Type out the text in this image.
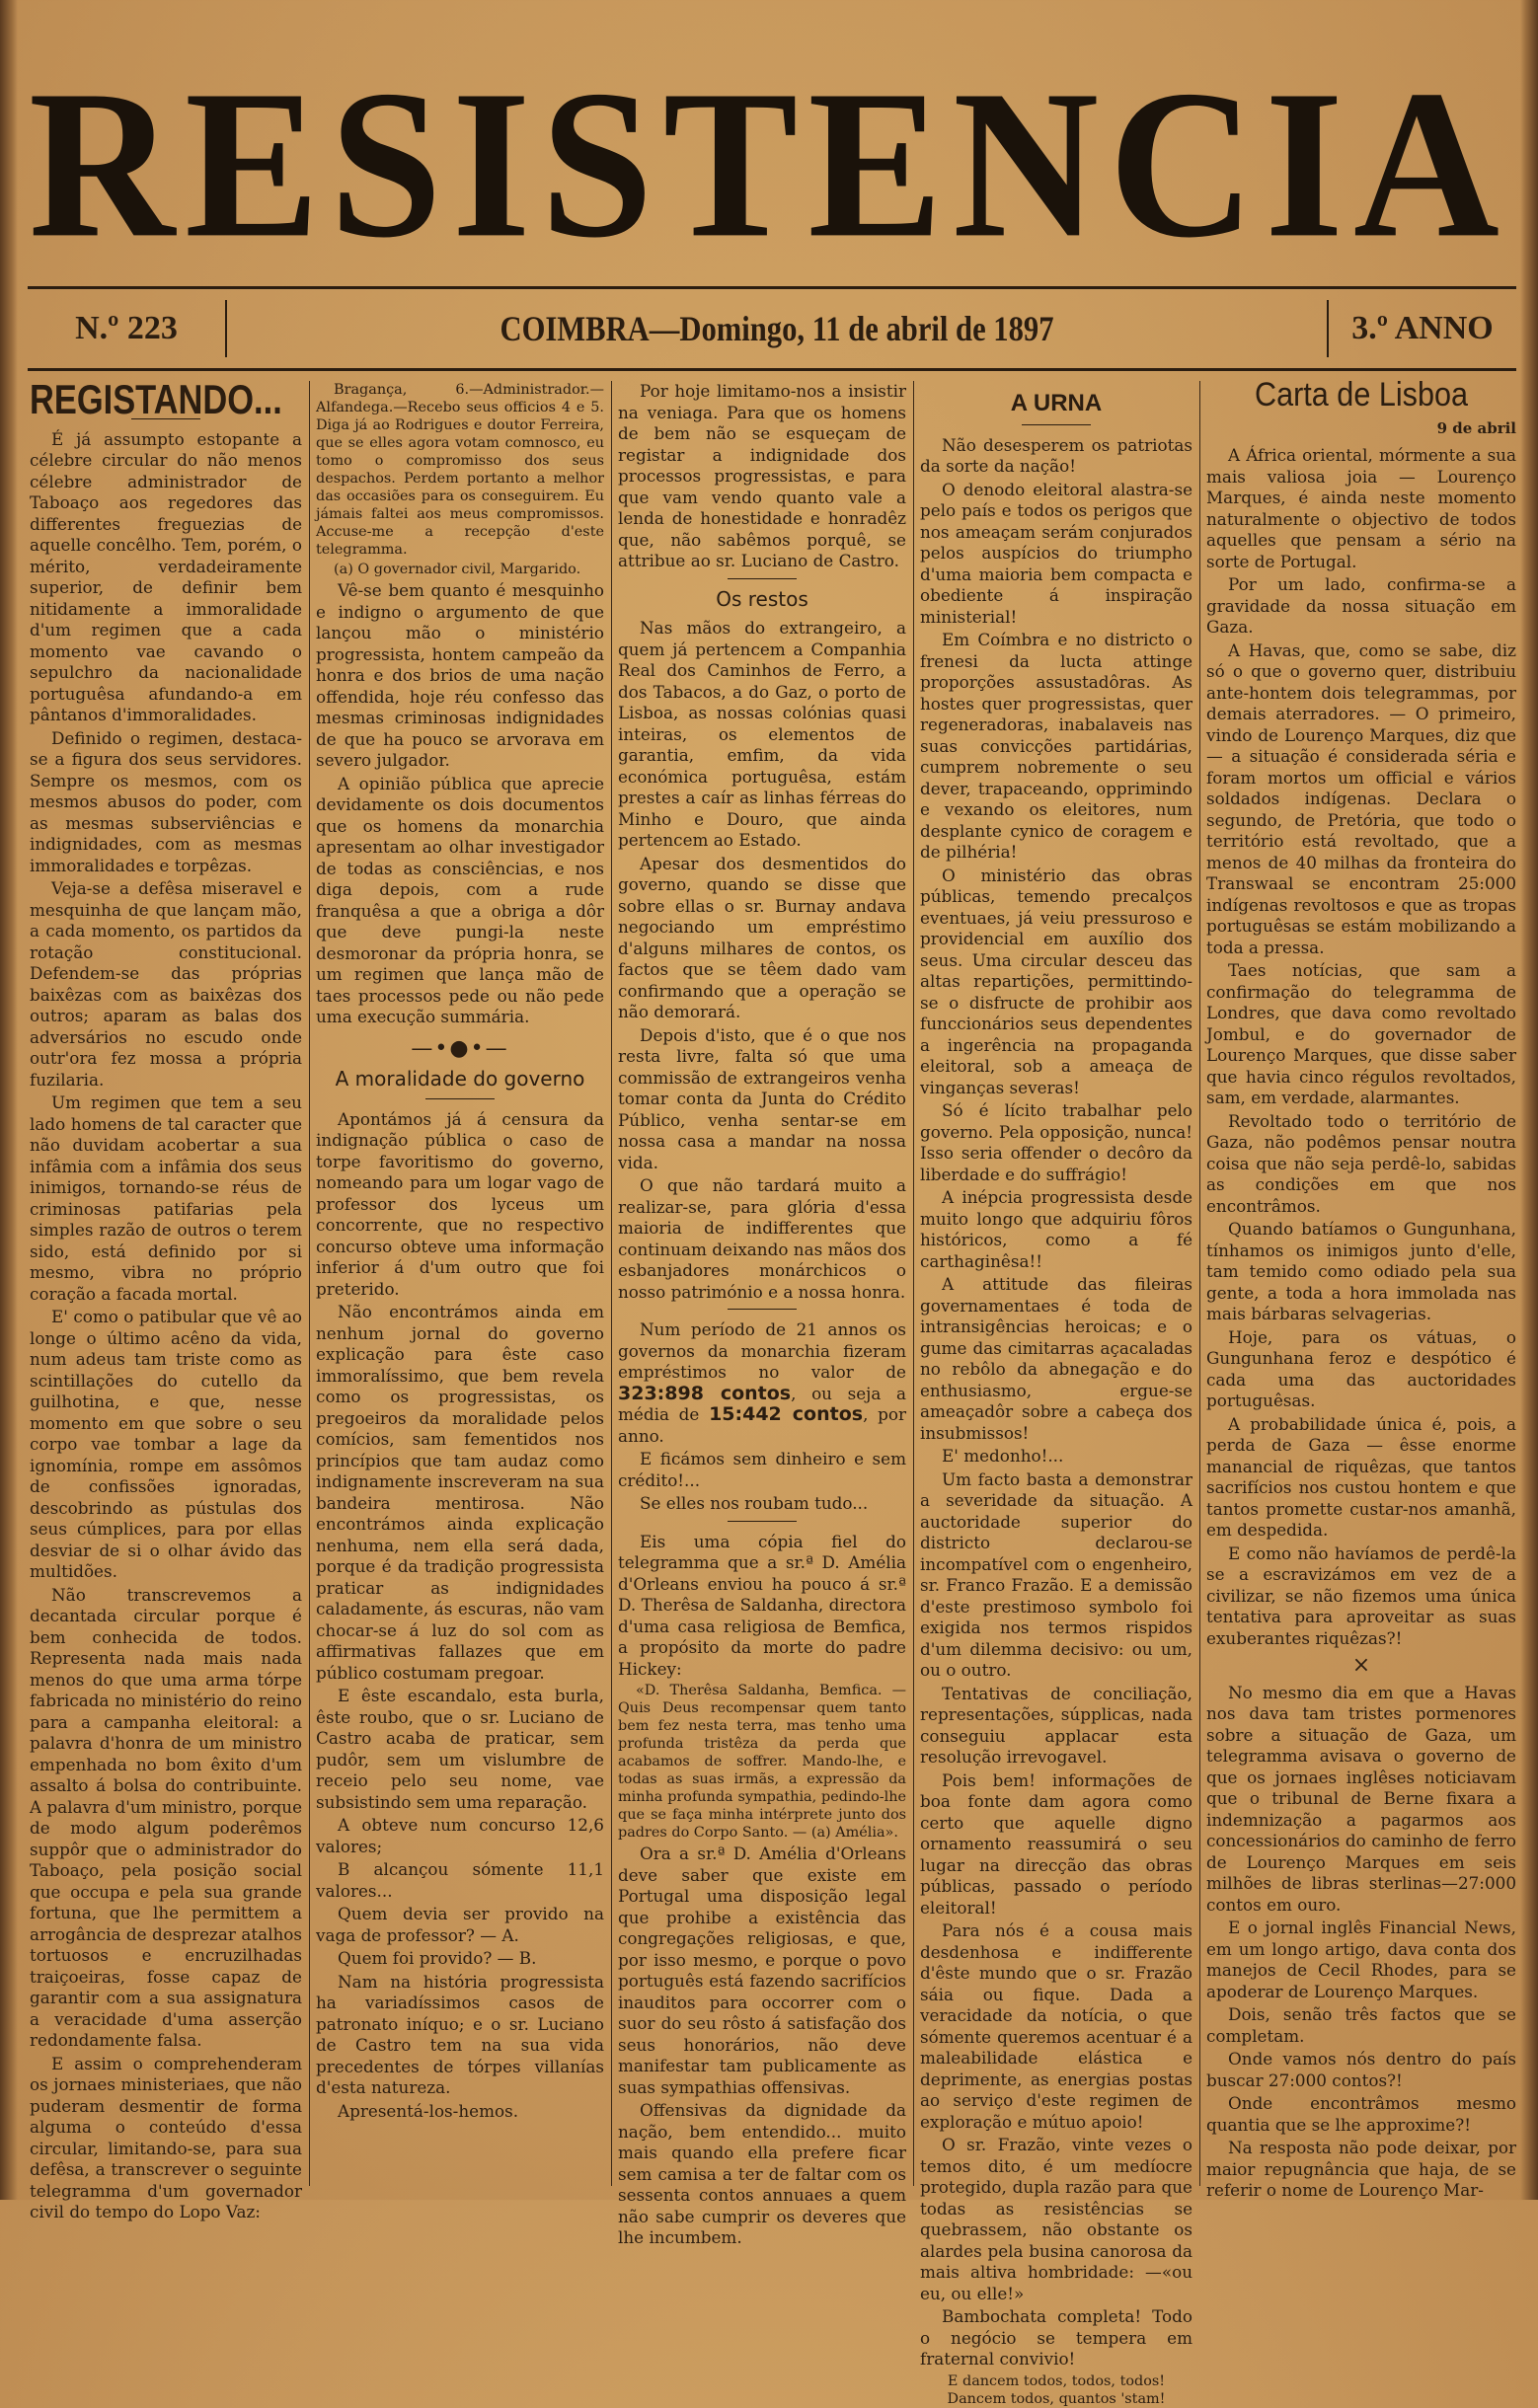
RESISTENCIA
N.º 223	COIMBRA—Domingo, 11 de abril de 1897	3.º ANNO
REGISTANDO...

É já assumpto estopante a célebre circular do não menos célebre administrador de Taboaço aos regedores das differentes freguezias de aquelle concêlho. Tem, porém, o mérito, verdadeiramente superior, de definir bem nitidamente a immoralidade d'um regimen que a cada momento vae cavando o sepulchro da nacionalidade portuguêsa afundando-a em pântanos d'immoralidades.

Definido o regimen, destaca-se a figura dos seus servidores. Sempre os mesmos, com os mesmos abusos do poder, com as mesmas subserviências e indignidades, com as mesmas immoralidades e torpêzas.

Veja-se a defêsa miseravel e mesquinha de que lançam mão, a cada momento, os partidos da rotação constitucional. Defendem-se das próprias baixêzas com as baixêzas dos outros; aparam as balas dos adversários no escudo onde outr'ora fez mossa a própria fuzilaria.

Um regimen que tem a seu lado homens de tal caracter que não duvidam acobertar a sua infâmia com a infâmia dos seus inimigos, tornando-se réus de criminosas patifarias pela simples razão de outros o terem sido, está definido por si mesmo, vibra no próprio coração a facada mortal.

E' como o patibular que vê ao longe o último acêno da vida, num adeus tam triste como as scintillações do cutello da guilhotina, e que, nesse momento em que sobre o seu corpo vae tombar a lage da ignomínia, rompe em assômos de confissões ignoradas, descobrindo as pústulas dos seus cúmplices, para por ellas desviar de si o olhar ávido das multidões.

Não transcrevemos a decantada circular porque é bem conhecida de todos. Representa nada mais nada menos do que uma arma tórpe fabricada no ministério do reino para a campanha eleitoral: a palavra d'honra de um ministro empenhada no bom êxito d'um assalto á bolsa do contribuinte. A palavra d'um ministro, porque de modo algum poderêmos suppôr que o administrador do Taboaço, pela posição social que occupa e pela sua grande fortuna, que lhe permittem a arrogância de desprezar atalhos tortuosos e encruzilhadas traiçoeiras, fosse capaz de garantir com a sua assignatura a veracidade d'uma asserção redondamente falsa.

E assim o comprehenderam os jornaes ministeriaes, que não puderam desmentir de forma alguma o conteúdo d'essa circular, limitando-se, para sua defêsa, a transcrever o seguinte telegramma d'um governador civil do tempo do Lopo Vaz:

Bragança, 6.—Administrador.—Alfandega.—Recebo seus officios 4 e 5. Diga já ao Rodrigues e doutor Ferreira, que se elles agora votam comnosco, eu tomo o compromisso dos seus despachos. Perdem portanto a melhor das occasiões para os conseguirem. Eu jámais faltei aos meus compromissos. Accuse-me a recepção d'este telegramma.

(a) O governador civil, Margarido.

Vê-se bem quanto é mesquinho e indigno o argumento de que lançou mão o ministério progressista, hontem campeão da honra e dos brios de uma nação offendida, hoje réu confesso das mesmas criminosas indignidades de que ha pouco se arvorava em severo julgador.

A opinião pública que aprecie devidamente os dois documentos que os homens da monarchia apresentam ao olhar investigador de todas as consciências, e nos diga depois, com a rude franquêsa a que a obriga a dôr que deve pungi-la neste desmoronar da própria honra, se um regimen que lança mão de taes processos pede ou não pede uma execução summária.

—•●•—
A moralidade do governo

Apontámos já á censura da indignação pública o caso de torpe favoritismo do governo, nomeando para um logar vago de professor dos lyceus um concorrente, que no respectivo concurso obteve uma informação inferior á d'um outro que foi preterido.

Não encontrámos ainda em nenhum jornal do governo explicação para êste caso immoralíssimo, que bem revela como os progressistas, os pregoeiros da moralidade pelos comícios, sam fementidos nos princípios que tam audaz como indignamente inscreveram na sua bandeira mentirosa. Não encontrámos ainda explicação nenhuma, nem ella será dada, porque é da tradição progressista praticar as indignidades caladamente, ás escuras, não vam chocar-se á luz do sol com as affirmativas fallazes que em público costumam pregoar.

E êste escandalo, esta burla, êste roubo, que o sr. Luciano de Castro acaba de praticar, sem pudôr, sem um vislumbre de receio pelo seu nome, vae subsistindo sem uma reparação.

A obteve num concurso 12,6 valores;

B alcançou sómente 11,1 valores...

Quem devia ser provido na vaga de professor? — A.

Quem foi provido? — B.

Nam na história progressista ha variadíssimos casos de patronato iníquo; e o sr. Luciano de Castro tem na sua vida precedentes de tórpes villanías d'esta natureza.

Apresentá-los-hemos.

Por hoje limitamo-nos a insistir na veniaga. Para que os homens de bem não se esqueçam de registar a indignidade dos processos progressistas, e para que vam vendo quanto vale a lenda de honestidade e honradêz que, não sabêmos porquê, se attribue ao sr. Luciano de Castro.

Os restos

Nas mãos do extrangeiro, a quem já pertencem a Companhia Real dos Caminhos de Ferro, a dos Tabacos, a do Gaz, o porto de Lisboa, as nossas colónias quasi inteiras, os elementos de garantia, emfim, da vida económica portuguêsa, estám prestes a caír as linhas férreas do Minho e Douro, que ainda pertencem ao Estado.

Apesar dos desmentidos do governo, quando se disse que sobre ellas o sr. Burnay andava negociando um empréstimo d'alguns milhares de contos, os factos que se têem dado vam confirmando que a operação se não demorará.

Depois d'isto, que é o que nos resta livre, falta só que uma commissão de extrangeiros venha tomar conta da Junta do Crédito Público, venha sentar-se em nossa casa a mandar na nossa vida.

O que não tardará muito a realizar-se, para glória d'essa maioria de indifferentes que continuam deixando nas mãos dos esbanjadores monárchicos o nosso património e a nossa honra.

Num período de 21 annos os governos da monarchia fizeram empréstimos no valor de 323:898 contos, ou seja a média de 15:442 contos, por anno.

E ficámos sem dinheiro e sem crédito!...

Se elles nos roubam tudo...

Eis uma cópia fiel do telegramma que a sr.ª D. Amélia d'Orleans enviou ha pouco á sr.ª D. Therêsa de Saldanha, directora d'uma casa religiosa de Bemfica, a propósito da morte do padre Hickey:

«D. Therêsa Saldanha, Bemfica. — Quis Deus recompensar quem tanto bem fez nesta terra, mas tenho uma profunda tristêza da perda que acabamos de soffrer. Mando-lhe, e todas as suas irmãs, a expressão da minha profunda sympathia, pedindo-lhe que se faça minha intérprete junto dos padres do Corpo Santo. — (a) Amélia».

Ora a sr.ª D. Amélia d'Orleans deve saber que existe em Portugal uma disposição legal que prohibe a existência das congregações religiosas, e que, por isso mesmo, e porque o povo português está fazendo sacrifícios inauditos para occorrer com o suor do seu rôsto á satisfação dos seus honorários, não deve manifestar tam publicamente as suas sympathias offensivas.

Offensivas da dignidade da nação, bem entendido... muito mais quando ella prefere ficar sem camisa a ter de faltar com os sessenta contos annuaes a quem não sabe cumprir os deveres que lhe incumbem.

A URNA

Não desesperem os patriotas da sorte da nação!

O denodo eleitoral alastra-se pelo país e todos os perigos que nos ameaçam serám conjurados pelos auspícios do triumpho d'uma maioria bem compacta e obediente á inspiração ministerial!

Em Coímbra e no districto o frenesi da lucta attinge proporções assustadôras. As hostes quer progressistas, quer regeneradoras, inabalaveis nas suas convicções partidárias, cumprem nobremente o seu dever, trapaceando, opprimindo e vexando os eleitores, num desplante cynico de coragem e de pilhéria!

O ministério das obras públicas, temendo precalços eventuaes, já veiu pressuroso e providencial em auxílio dos seus. Uma circular desceu das altas repartições, permittindo-se o disfructe de prohibir aos funccionários seus dependentes a ingerência na propaganda eleitoral, sob a ameaça de vinganças severas!

Só é lícito trabalhar pelo governo. Pela opposição, nunca! Isso seria offender o decôro da liberdade e do suffrágio!

A inépcia progressista desde muito longo que adquiriu fôros históricos, como a fé carthaginêsa!!

A attitude das fileiras governamentaes é toda de intransigências heroicas; e o gume das cimitarras açacaladas no rebôlo da abnegação e do enthusiasmo, ergue-se ameaçadôr sobre a cabeça dos insubmissos!

E' medonho!...

Um facto basta a demonstrar a severidade da situação. A auctoridade superior do districto declarou-se incompatível com o engenheiro, sr. Franco Frazão. E a demissão d'este prestimoso symbolo foi exigida nos termos rispidos d'um dilemma decisivo: ou um, ou o outro.

Tentativas de conciliação, representações, súpplicas, nada conseguiu applacar esta resolução irrevogavel.

Pois bem! informações de boa fonte dam agora como certo que aquelle digno ornamento reassumirá o seu lugar na direcção das obras públicas, passado o período eleitoral!

Para nós é a cousa mais desdenhosa e indifferente d'êste mundo que o sr. Frazão sáia ou fique. Dada a veracidade da notícia, o que sómente queremos acentuar é a maleabilidade elástica e deprimente, as energias postas ao serviço d'este regimen de exploração e mútuo apoio!

O sr. Frazão, vinte vezes o temos dito, é um medíocre protegido, dupla razão para que todas as resistências se quebrassem, não obstante os alardes pela busina canorosa da mais altiva hombridade: —«ou eu, ou elle!»

Bambochata completa! Todo o negócio se tempera em fraternal convivio!

E dancem todos, todos, todos! Dancem todos, quantos 'stam!

Carta de Lisboa
9 de abril

A África oriental, mórmente a sua mais valiosa joia — Lourenço Marques, é ainda neste momento naturalmente o objectivo de todos aquelles que pensam a sério na sorte de Portugal.

Por um lado, confirma-se a gravidade da nossa situação em Gaza.

A Havas, que, como se sabe, diz só o que o governo quer, distribuiu ante-hontem dois telegrammas, por demais aterradores. — O primeiro, vindo de Lourenço Marques, diz que — a situação é considerada séria e foram mortos um official e vários soldados indígenas. Declara o segundo, de Pretória, que todo o território está revoltado, que a menos de 40 milhas da fronteira do Transwaal se encontram 25:000 indígenas revoltosos e que as tropas portuguêsas se estám mobilizando a toda a pressa.

Taes notícias, que sam a confirmação do telegramma de Londres, que dava como revoltado Jombul, e do governador de Lourenço Marques, que disse saber que havia cinco régulos revoltados, sam, em verdade, alarmantes.

Revoltado todo o território de Gaza, não podêmos pensar noutra coisa que não seja perdê-lo, sabidas as condições em que nos encontrâmos.

Quando batíamos o Gungunhana, tínhamos os inimigos junto d'elle, tam temido como odiado pela sua gente, a toda a hora immolada nas mais bárbaras selvagerias.

Hoje, para os vátuas, o Gungunhana feroz e despótico é cada uma das auctoridades portuguêsas.

A probabilidade única é, pois, a perda de Gaza — êsse enorme manancial de riquêzas, que tantos sacrifícios nos custou hontem e que tantos promette custar-nos amanhã, em despedida.

E como não havíamos de perdê-la se a escravizámos em vez de a civilizar, se não fizemos uma única tentativa para aproveitar as suas exuberantes riquêzas?!

×

No mesmo dia em que a Havas nos dava tam tristes pormenores sobre a situação de Gaza, um telegramma avisava o governo de que os jornaes inglêses noticiavam que o tribunal de Berne fixara a indemnização a pagarmos aos concessionários do caminho de ferro de Lourenço Marques em seis milhões de libras sterlinas—27:000 contos em ouro.

E o jornal inglês Financial News, em um longo artigo, dava conta dos manejos de Cecil Rhodes, para se apoderar de Lourenço Marques.

Dois, senão três factos que se completam.

Onde vamos nós dentro do país buscar 27:000 contos?!

Onde encontrâmos mesmo quantia que se lhe approxime?!

Na resposta não pode deixar, por maior repugnância que haja, de se referir o nome de Lourenço Mar-
